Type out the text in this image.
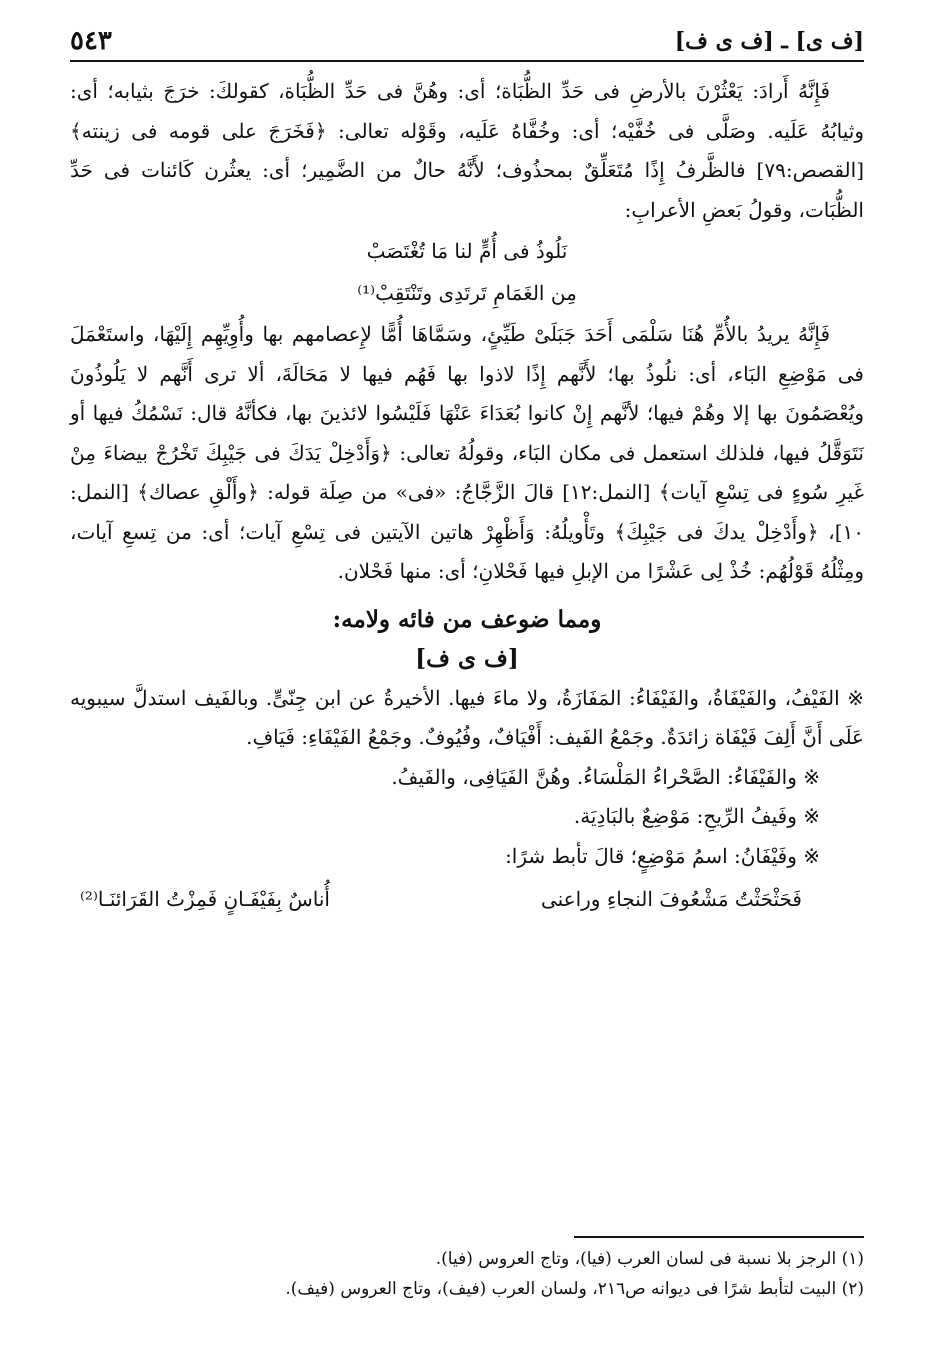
[ف ى] ـ [ف ى ف]
٥٤٣

فَإِنَّهُ أَرادَ: يَعْثُرْنَ بالأرضِ فى حَدِّ الظُّبَاة؛ أى: وهُنَّ فى حَدِّ الظُّبَاة، كقولكَ: خرَجَ بثيابه؛ أى: وثيابُهُ عَلَيه. وصَلَّى فى خُفَّيْه؛ أى: وخُفَّاهُ عَلَيه، وقَوْله تعالى: ﴿فَخَرَجَ على قومه فى زينته﴾ [القصص:٧٩] فالظَّرفُ إِذًا مُتَعَلِّقٌ بمحذُوف؛ لأَنَّهُ حالٌ من الضَّمِير؛ أى: يعثُرن كَائنات فى حَدِّ الظُّبَات، وقولُ بَعضِ الأعرابِ:

نَلُوذُ فى أُمٍّ لنا مَا تُغْتَصَبْ

مِن الغَمَامِ تَرتَدِى وتَنْتَقِبْ⁽¹⁾

فَإِنَّهُ يريدُ بالأُمِّ هُنَا سَلْمَى أَحَدَ جَبَلَىْ طَيِّئٍ، وسَمَّاهَا أُمًّا لإِعصامهم بها وأُوِيِّهِم إِلَيْهَا، واستَعْمَلَ فى مَوْضِعِ البَاء، أى: نلُوذُ بها؛ لأَنَّهم إِذًا لاذوا بها فَهُم فيها لا مَحَالَةَ، ألا ترى أَنَّهم لا يَلُوذُونَ ويُعْصَمُونَ بها إلا وهُمْ فيها؛ لأنَّهم إِنْ كانوا بُعَدَاءَ عَنْهَا فَلَيْسُوا لائذينَ بها، فكأنَّهُ قال: نَسْمُكُ فيها أو نَتَوَقَّلُ فيها، فلذلك استعمل فى مكان البَاء، وقولُهُ تعالى: ﴿وَأَدْخِلْ يَدَكَ فى جَيْبِكَ تَخْرُجْ بيضاءَ مِنْ غَيرِ سُوءٍ فى تِسْعِ آيات﴾ [النمل:١٢] قالَ الزَّجَّاجُ: «فى» من صِلَة قوله: ﴿وأَلْقِ عصاك﴾ [النمل: ١٠]، ﴿وأَدْخِلْ يدكَ فى جَيْبِكَ﴾ وتَأْويلُهُ: وَأَظْهِرْ هاتين الآيتين فى تِسْعِ آيات؛ أى: من تِسعِ آيات، ومِثْلُهُ قَوْلُهُم: خُذْ لِى عَشْرًا من الإبلِ فيها فَحْلانِ؛ أى: منها فَحْلان.

ومما ضوعف من فائه ولامه:

[ف ى ف]

※ الفَيْفُ، والفَيْفَاةُ، والفَيْفَاءُ: المَفَازَةُ، ولا ماءَ فيها. الأخيرةُ عن ابن جِنّىٍّ. وبالفَيف استدلَّ سيبويه عَلَى أَنَّ أَلِفَ فَيْفَاة زائدَةٌ. وجَمْعُ الفَيف: أَفْيَافٌ، وفُيُوفٌ. وجَمْعُ الفَيْفَاءِ: فَيَافِ.

※ والفَيْفَاءُ: الصَّحْراءُ المَلْسَاءُ. وهُنَّ الفَيَافِى، والفَيفُ.

※ وفَيفُ الرِّيحِ: مَوْضِعٌ بالبَادِيَة.

※ وفَيْفَانُ: اسمُ مَوْضِعٍ؛ قالَ تأبط شرًا:

فَحَثْحَثْتُ مَشْعُوفَ النجاءِ وراعنى
أُناسٌ بِفَيْفَـانٍ فَمِزْتُ القَرَائنَـا⁽²⁾

(١) الرجز بلا نسبة فى لسان العرب (فيا)، وتاج العروس (فيا).

(٢) البيت لتأبط شرًا فى ديوانه ص٢١٦، ولسان العرب (فيف)، وتاج العروس (فيف).
